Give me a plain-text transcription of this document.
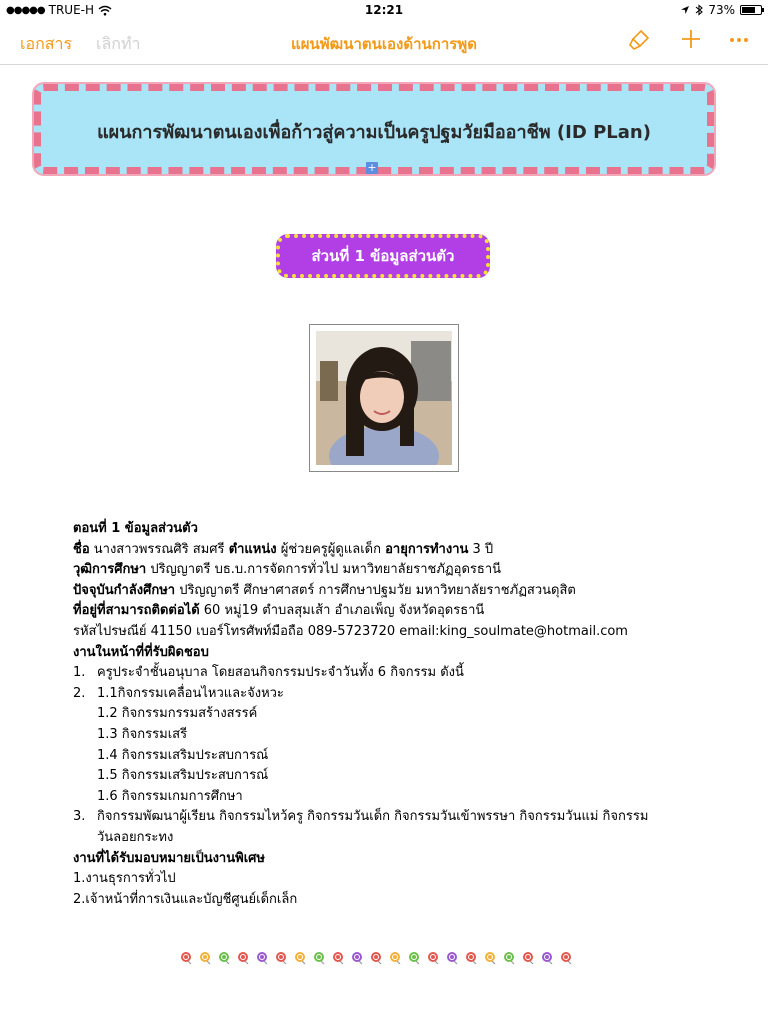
●●●●● TRUE-H	12:21	73%
เอกสาร เลิกทำ	แผนพัฒนาตนเองด้านการพูด
แผนการพัฒนาตนเองเพื่อก้าวสู่ความเป็นครูปฐมวัยมืออาชีพ (ID PLan)
+
ส่วนที่ 1 ข้อมูลส่วนตัว

ตอนที่ 1 ข้อมูลส่วนตัว

ชื่อ นางสาวพรรณศิริ สมศรี ตำแหน่ง ผู้ช่วยครูผู้ดูแลเด็ก อายุการทำงาน 3 ปี

วุฒิการศึกษา ปริญญาตรี บธ.บ.การจัดการทั่วไป มหาวิทยาลัยราชภัฏอุดรธานี

ปัจจุบันกำลังศึกษา ปริญญาตรี ศึกษาศาสตร์ การศึกษาปฐมวัย มหาวิทยาลัยราชภัฏสวนดุสิต

ที่อยู่ที่สามารถติดต่อได้ 60 หมู่19 ตำบลสุมเส้า อำเภอเพ็ญ จังหวัดอุดรธานี

รหัสไปรษณีย์ 41150 เบอร์โทรศัพท์มือถือ 089-5723720 email:king_soulmate@hotmail.com

งานในหน้าที่ที่รับผิดชอบ

1. ครูประจำชั้นอนุบาล โดยสอนกิจกรรมประจำวันทั้ง 6 กิจกรรม ดังนี้
2. 1.1กิจกรรมเคลื่อนไหวและจังหวะ

1.2 กิจกรรมกรรมสร้างสรรค์

1.3 กิจกรรมเสรี

1.4 กิจกรรมเสริมประสบการณ์

1.5 กิจกรรมเสริมประสบการณ์

1.6 กิจกรรมเกมการศึกษา

3. กิจกรรมพัฒนาผู้เรียน กิจกรรมไหว้ครู กิจกรรมวันเด็ก กิจกรรมวันเข้าพรรษา กิจกรรมวันแม่ กิจกรรม

วันลอยกระทง

งานที่ได้รับมอบหมายเป็นงานพิเศษ

1.งานธุรการทั่วไป

2.เจ้าหน้าที่การเงินและบัญชีศูนย์เด็กเล็ก
